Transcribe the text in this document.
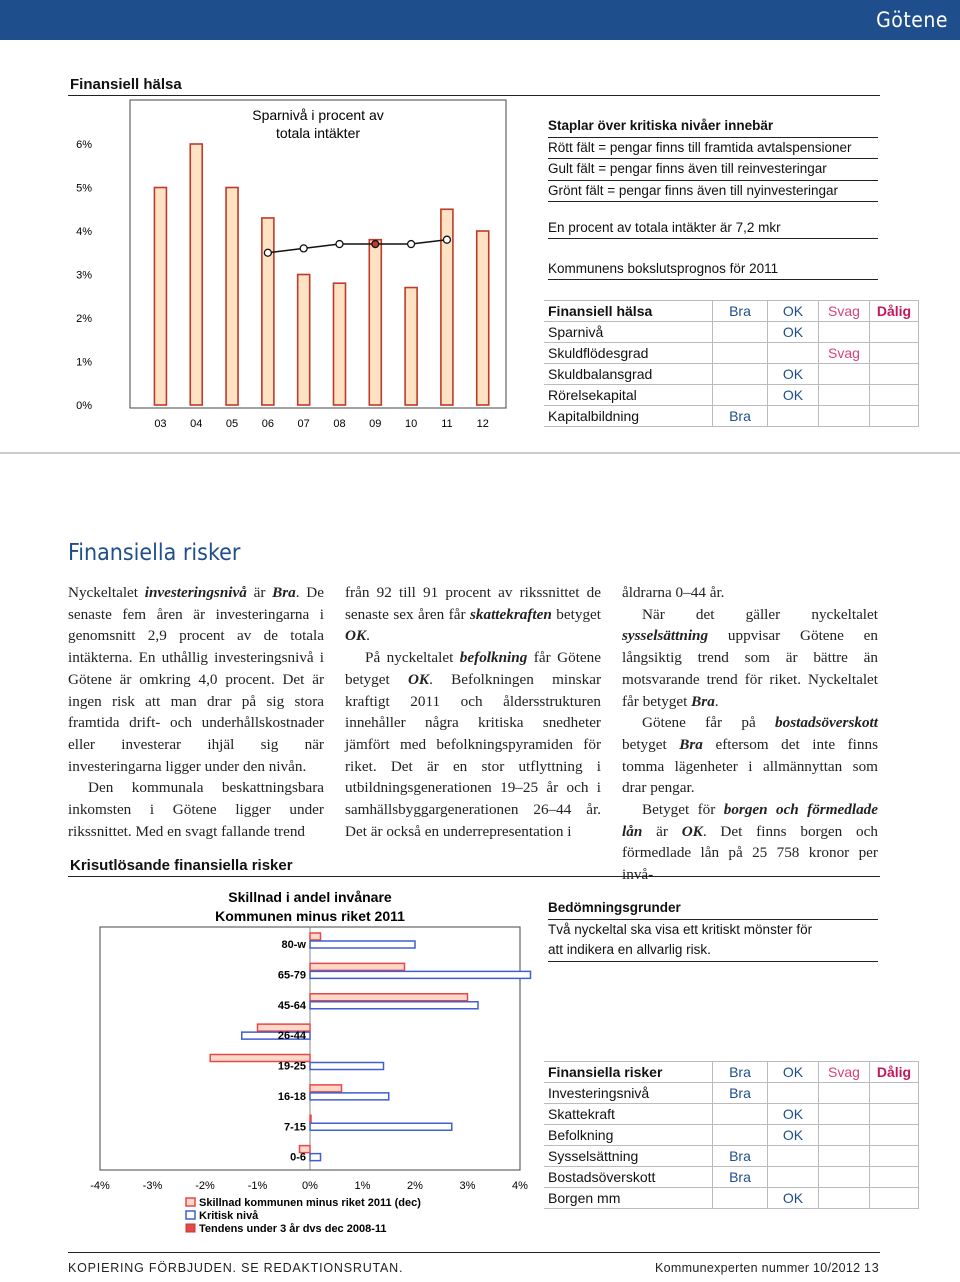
Götene
Finansiell hälsa
Sparnivå i procent av
totala intäkter
0%
1%
2%
3%
4%
5%
6%
03 04 05 06 07 08 09 10 11 12
Staplar över kritiska nivåer innebär
Rött fält = pengar finns till framtida avtalspensioner
Gult fält = pengar finns även till reinvesteringar
Grönt fält = pengar finns även till nyinvesteringar
En procent av totala intäkter är 7,2 mkr
Kommunens bokslutsprognos för 2011
Finansiell hälsa	Bra	OK	Svag	Dålig
Sparnivå		OK		
Skuldflödesgrad			Svag	
Skuldbalansgrad		OK		
Rörelsekapital		OK		
Kapitalbildning	Bra			
Finansiella risker

Nyckeltalet investeringsnivå är Bra. De senaste fem åren är investeringarna i genomsnitt 2,9 procent av de totala intäkterna. En uthållig investeringsnivå i Götene är omkring 4,0 procent. Det är ingen risk att man drar på sig stora framtida drift- och underhållskostnader eller investerar ihjäl sig när investeringarna ligger under den nivån.

Den kommunala beskattningsbara inkomsten i Götene ligger under rikssnittet. Med en svagt fallande trend

från 92 till 91 procent av rikssnittet de senaste sex åren får skattekraften betyget OK.

På nyckeltalet befolkning får Götene betyget OK. Befolkningen minskar kraftigt 2011 och åldersstrukturen innehåller några kritiska snedheter jämfört med befolkningspyramiden för riket. Det är en stor utflyttning i utbildningsgenerationen 19–25 år och i samhällsbyggargenerationen 26–44 år. Det är också en underrepresentation i

åldrarna 0–44 år.

När det gäller nyckeltalet sysselsättning uppvisar Götene en långsiktig trend som är bättre än motsvarande trend för riket. Nyckeltalet får betyget Bra.

Götene får på bostadsöverskott betyget Bra eftersom det inte finns tomma lägenheter i allmännyttan som drar pengar.

Betyget för borgen och förmedlade lån är OK. Det finns borgen och förmedlade lån på 25 758 kronor per invå-

Krisutlösande finansiella risker
Skillnad i andel invånare
Kommunen minus riket 2011
80-w
65-79
45-64
26-44
19-25
16-18
7-15
0-6
-4%	-3%	-2%	-1%	0%	1%	2%	3%	4%
Skillnad kommunen minus riket 2011 (dec)
Kritisk nivå
Tendens under 3 år dvs dec 2008-11
Bedömningsgrunder
Två nyckeltal ska visa ett kritiskt mönster för
att indikera en allvarlig risk.
Finansiella risker	Bra	OK	Svag	Dålig
Investeringsnivå	Bra			
Skattekraft		OK		
Befolkning		OK		
Sysselsättning	Bra			
Bostadsöverskott	Bra			
Borgen mm		OK		
KOPIERING FÖRBJUDEN. SE REDAKTIONSRUTAN.	Kommunexperten nummer 10/2012 13
